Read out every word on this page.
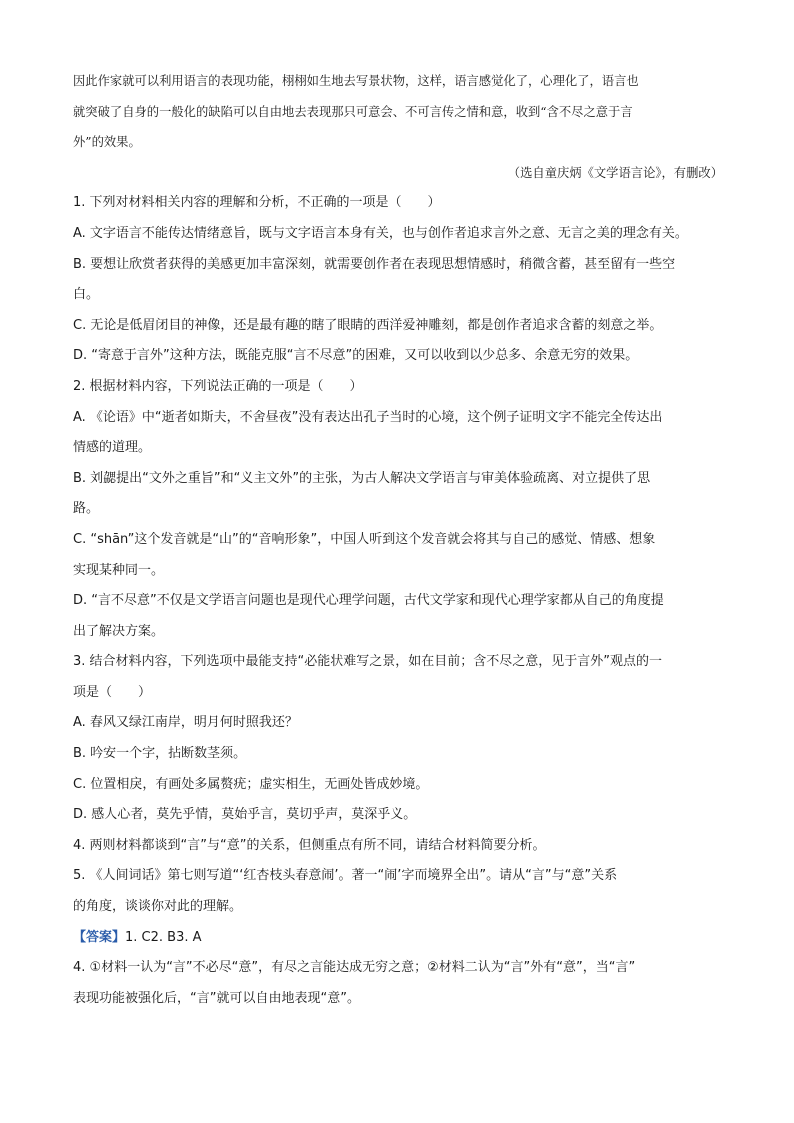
因此作家就可以利用语言的表现功能，栩栩如生地去写景状物，这样，语言感觉化了，心理化了，语言也
就突破了自身的一般化的缺陷可以自由地去表现那只可意会、不可言传之情和意，收到“含不尽之意于言
外”的效果。
（选自童庆炳《文学语言论》，有删改）
1. 下列对材料相关内容的理解和分析，不正确的一项是（　　）
A. 文字语言不能传达情绪意旨，既与文字语言本身有关，也与创作者追求言外之意、无言之美的理念有关。
B. 要想让欣赏者获得的美感更加丰富深刻，就需要创作者在表现思想情感时，稍微含蓄，甚至留有一些空
白。
C. 无论是低眉闭目的神像，还是最有趣的瞎了眼睛的西洋爱神雕刻，都是创作者追求含蓄的刻意之举。
D. “寄意于言外”这种方法，既能克服“言不尽意”的困难，又可以收到以少总多、余意无穷的效果。
2. 根据材料内容，下列说法正确的一项是（　　）
A. 《论语》中“逝者如斯夫，不舍昼夜”没有表达出孔子当时的心境，这个例子证明文字不能完全传达出
情感的道理。
B. 刘勰提出“文外之重旨”和“义主文外”的主张，为古人解决文学语言与审美体验疏离、对立提供了思
路。
C. “shān”这个发音就是“山”的“音响形象”，中国人听到这个发音就会将其与自己的感觉、情感、想象
实现某种同一。
D. “言不尽意”不仅是文学语言问题也是现代心理学问题，古代文学家和现代心理学家都从自己的角度提
出了解决方案。
3. 结合材料内容，下列选项中最能支持“必能状难写之景，如在目前；含不尽之意，见于言外”观点的一
项是（　　）
A. 春风又绿江南岸，明月何时照我还？
B. 吟安一个字，拈断数茎须。
C. 位置相戾，有画处多属赘疣；虚实相生，无画处皆成妙境。
D. 感人心者，莫先乎情，莫始乎言，莫切乎声，莫深乎义。
4. 两则材料都谈到“言”与“意”的关系，但侧重点有所不同，请结合材料简要分析。
5. 《人间词话》第七则写道“‘红杏枝头春意闹’。著一“闹’字而境界全出”。请从“言”与“意”关系
的角度，谈谈你对此的理解。
【答案】1. C2. B3. A
4. ①材料一认为“言”不必尽“意”，有尽之言能达成无穷之意；②材料二认为“言”外有“意”，当“言”
表现功能被强化后，“言”就可以自由地表现“意”。
